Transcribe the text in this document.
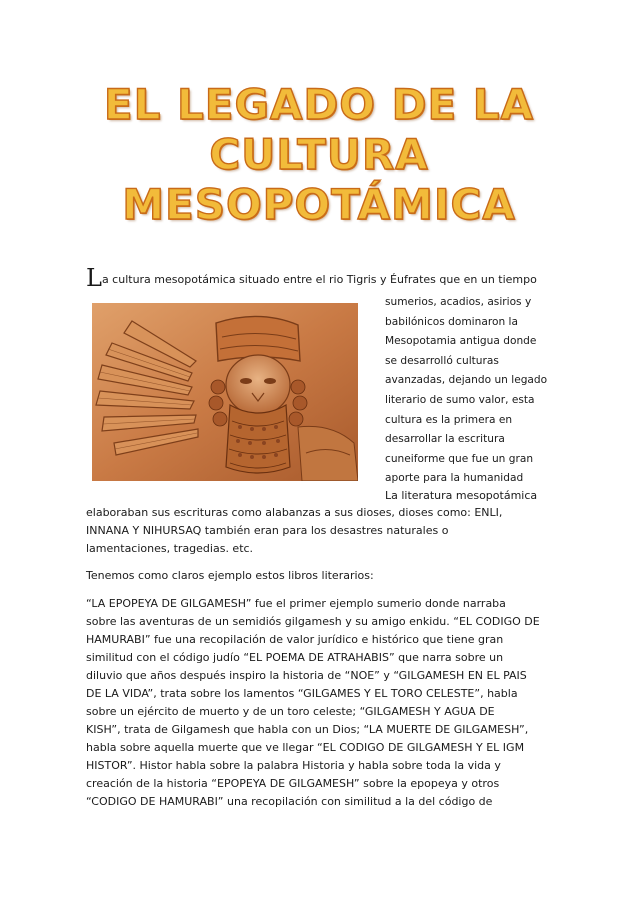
EL LEGADO DE LA
CULTURA
MESOPOTÁMICA
La cultura mesopotámica situado entre el rio Tigris y Éufrates que en un tiempo
sumerios, acadios, asirios y
babilónicos dominaron la
Mesopotamia antigua donde
se desarrolló culturas
avanzadas, dejando un legado
literario de sumo valor, esta
cultura es la primera en
desarrollar la escritura
cuneiforme que fue un gran
aporte para la humanidad
La literatura mesopotámica
elaboraban sus escrituras como alabanzas a sus dioses, dioses como: ENLI,
INNANA Y NIHURSAQ también eran para los desastres naturales o
lamentaciones, tragedias. etc.
Tenemos como claros ejemplo estos libros literarios:
“LA EPOPEYA DE GILGAMESH” fue el primer ejemplo sumerio donde narraba
sobre las aventuras de un semidiós gilgamesh y su amigo enkidu. “EL CODIGO DE
HAMURABI” fue una recopilación de valor jurídico e histórico que tiene gran
similitud con el código judío “EL POEMA DE ATRAHABIS” que narra sobre un
diluvio que años después inspiro la historia de “NOE” y “GILGAMESH EN EL PAIS
DE LA VIDA”, trata sobre los lamentos “GILGAMES Y EL TORO CELESTE”, habla
sobre un ejército de muerto y de un toro celeste; “GILGAMESH Y AGUA DE
KISH”, trata de Gilgamesh que habla con un Dios; “LA MUERTE DE GILGAMESH”,
habla sobre aquella muerte que ve llegar “EL CODIGO DE GILGAMESH Y EL IGM
HISTOR”. Histor habla sobre la palabra Historia y habla sobre toda la vida y
creación de la historia “EPOPEYA DE GILGAMESH” sobre la epopeya y otros
“CODIGO DE HAMURABI” una recopilación con similitud a la del código de
